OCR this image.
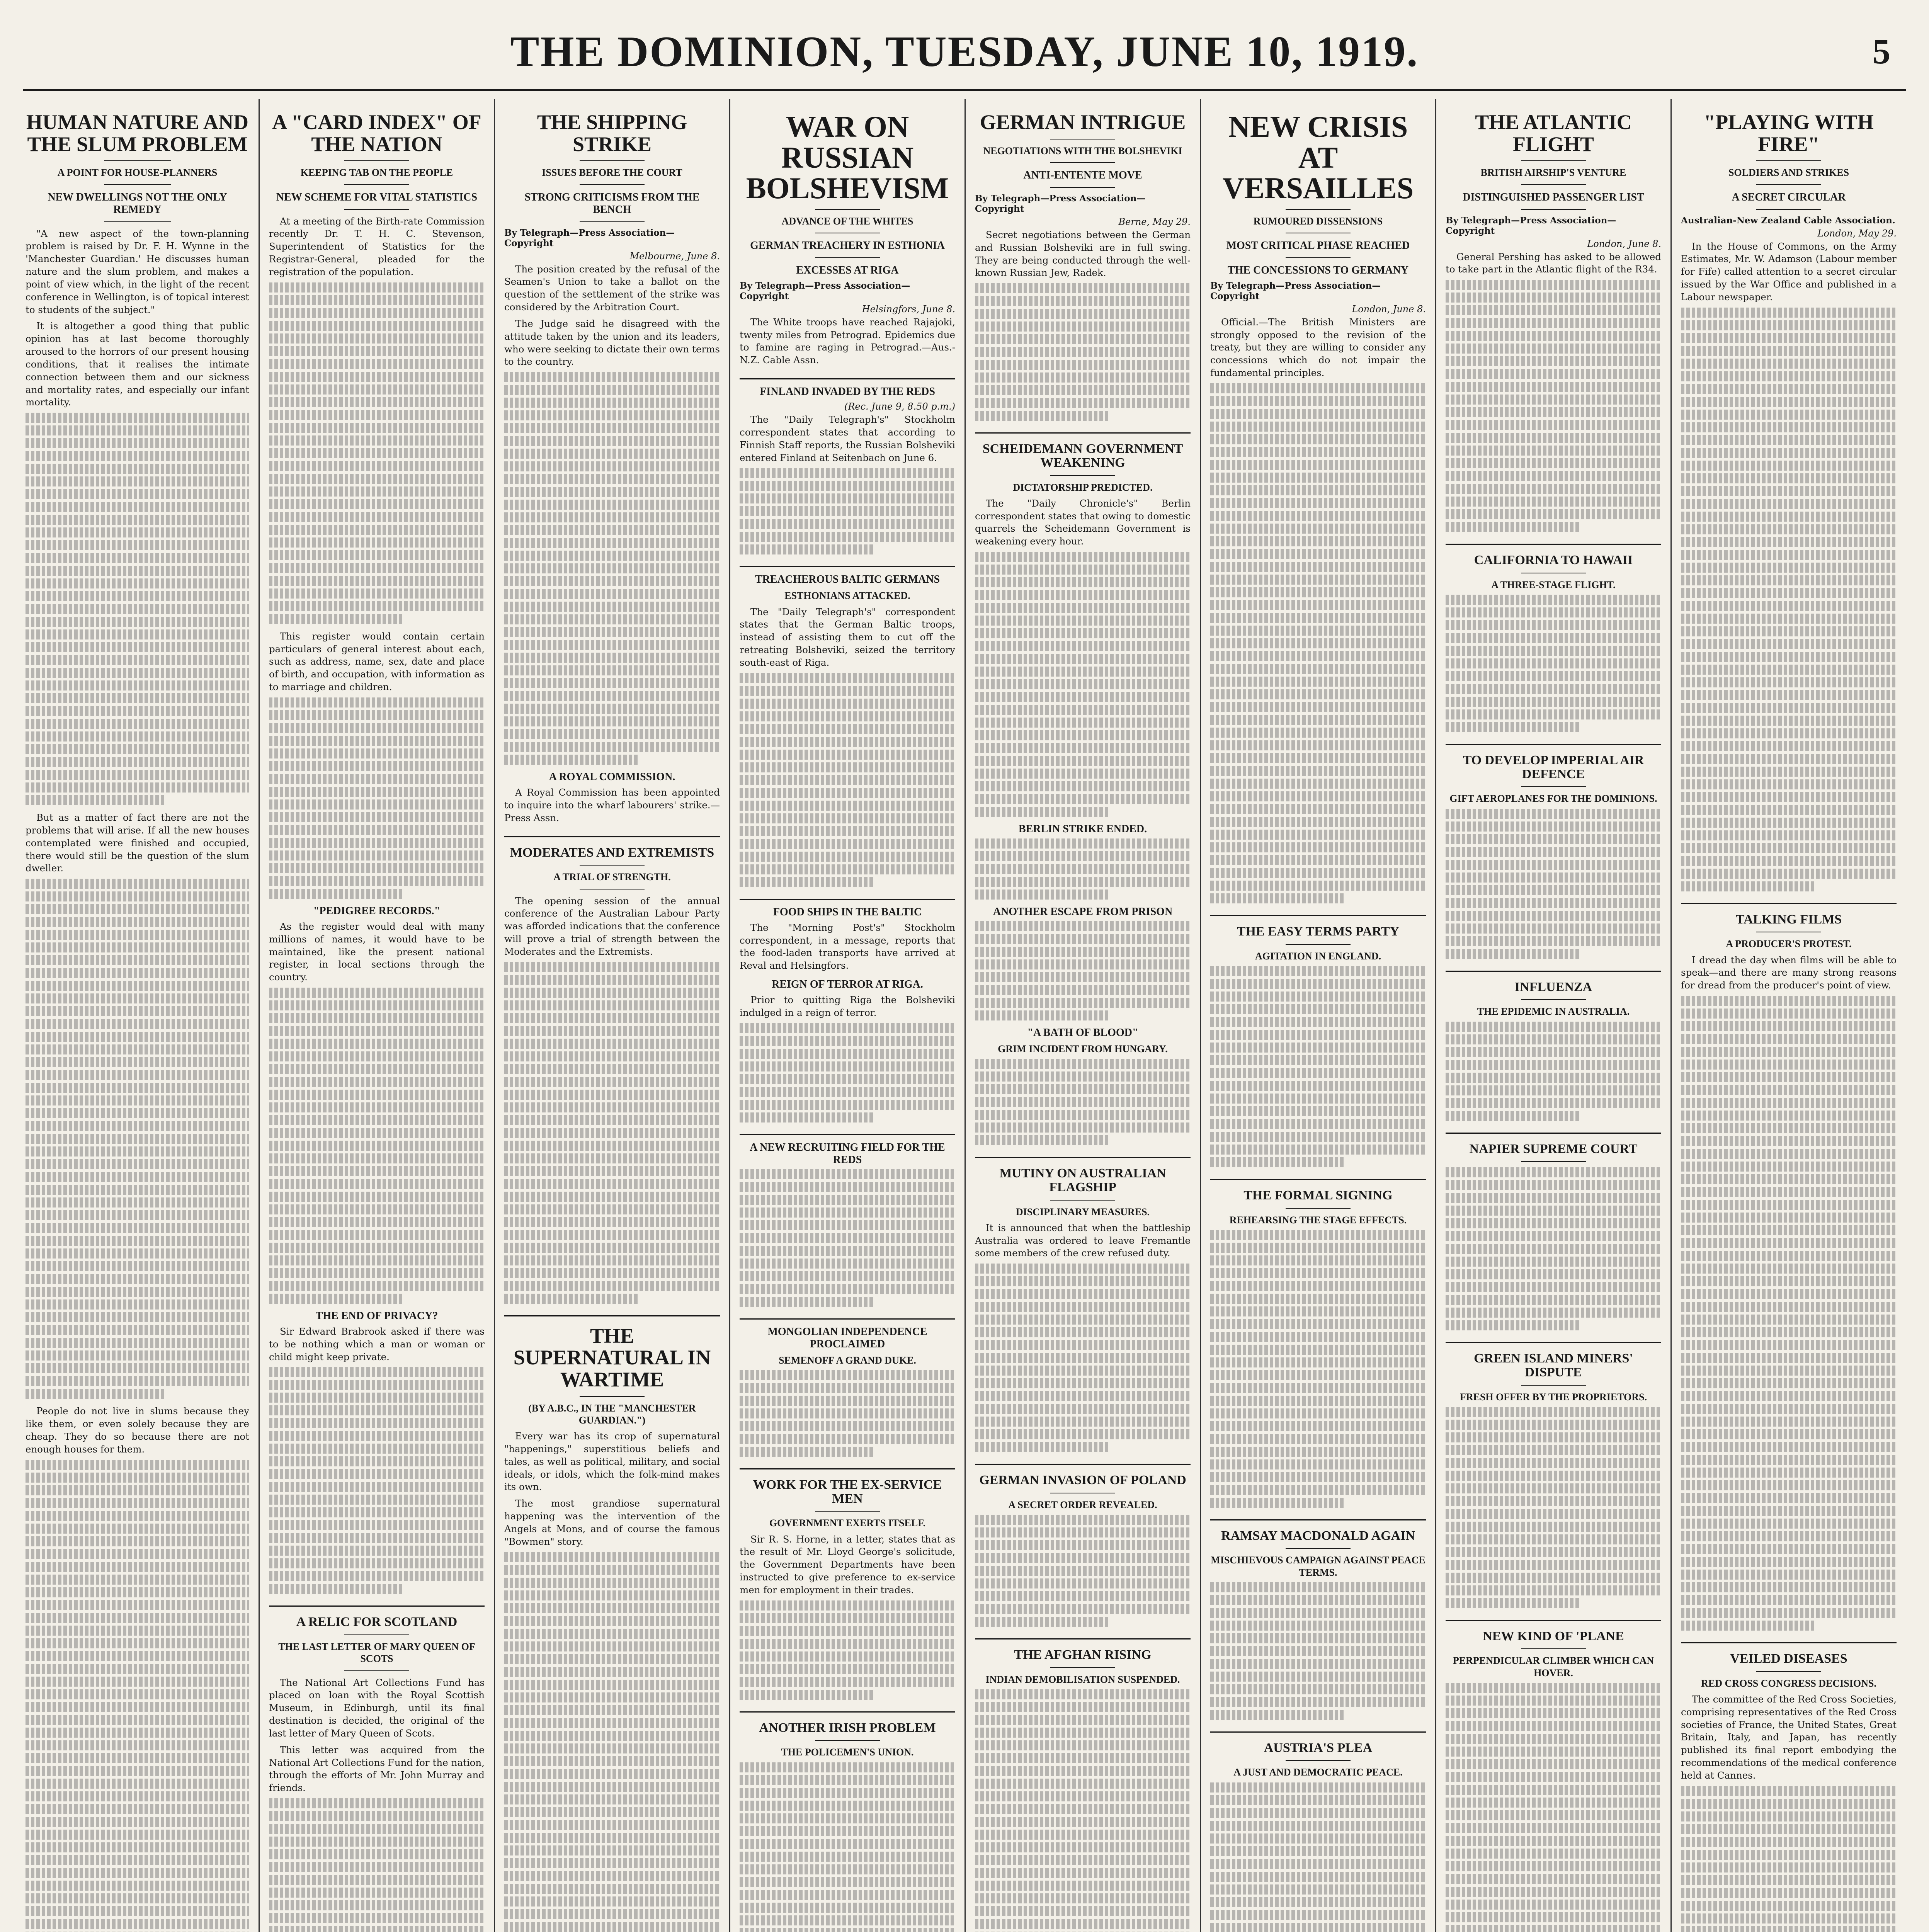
THE DOMINION, TUESDAY, JUNE 10, 1919.	5
HUMAN NATURE AND THE SLUM PROBLEM
A POINT FOR HOUSE-PLANNERS
NEW DWELLINGS NOT THE ONLY REMEDY

"A new aspect of the town-planning problem is raised by Dr. F. H. Wynne in the 'Manchester Guardian.' He discusses human nature and the slum problem, and makes a point of view which, in the light of the recent conference in Wellington, is of topical interest to students of the subject."

It is altogether a good thing that public opinion has at last become thoroughly aroused to the horrors of our present housing conditions, that it realises the intimate connection between them and our sickness and mortality rates, and especially our infant mortality.

But as a matter of fact there are not the problems that will arise. If all the new houses contemplated were finished and occupied, there would still be the question of the slum dweller.

People do not live in slums because they like them, or even solely because they are cheap. They do so because there are not enough houses for them.

A "CARD INDEX" OF THE NATION
KEEPING TAB ON THE PEOPLE
NEW SCHEME FOR VITAL STATISTICS

At a meeting of the Birth-rate Commission recently Dr. T. H. C. Stevenson, Superintendent of Statistics for the Registrar-General, pleaded for the registration of the population.

This register would contain certain particulars of general interest about each, such as address, name, sex, date and place of birth, and occupation, with information as to marriage and children.

"PEDIGREE RECORDS."

As the register would deal with many millions of names, it would have to be maintained, like the present national register, in local sections through the country.

THE END OF PRIVACY?

Sir Edward Brabrook asked if there was to be nothing which a man or woman or child might keep private.

A RELIC FOR SCOTLAND
THE LAST LETTER OF MARY QUEEN OF SCOTS

The National Art Collections Fund has placed on loan with the Royal Scottish Museum, in Edinburgh, until its final destination is decided, the original of the last letter of Mary Queen of Scots.

This letter was acquired from the National Art Collections Fund for the nation, through the efforts of Mr. John Murray and friends.

THE SHIPPING STRIKE
ISSUES BEFORE THE COURT
STRONG CRITICISMS FROM THE BENCH
By Telegraph—Press Association—Copyright
Melbourne, June 8.

The position created by the refusal of the Seamen's Union to take a ballot on the question of the settlement of the strike was considered by the Arbitration Court.

The Judge said he disagreed with the attitude taken by the union and its leaders, who were seeking to dictate their own terms to the country.

A ROYAL COMMISSION.

A Royal Commission has been appointed to inquire into the wharf labourers' strike.—Press Assn.

MODERATES AND EXTREMISTS
A TRIAL OF STRENGTH.

The opening session of the annual conference of the Australian Labour Party was afforded indications that the conference will prove a trial of strength between the Moderates and the Extremists.

THE SUPERNATURAL IN WARTIME
(BY A.B.C., IN THE "MANCHESTER GUARDIAN.")

Every war has its crop of supernatural "happenings," superstitious beliefs and tales, as well as political, military, and social ideals, or idols, which the folk-mind makes its own.

The most grandiose supernatural happening was the intervention of the Angels at Mons, and of course the famous "Bowmen" story.

WAR ON RUSSIAN BOLSHEVISM
ADVANCE OF THE WHITES
GERMAN TREACHERY IN ESTHONIA
EXCESSES AT RIGA
By Telegraph—Press Association—Copyright
Helsingfors, June 8.

The White troops have reached Rajajoki, twenty miles from Petrograd. Epidemics due to famine are raging in Petrograd.—Aus.-N.Z. Cable Assn.

FINLAND INVADED BY THE REDS
(Rec. June 9, 8.50 p.m.)

The "Daily Telegraph's" Stockholm correspondent states that according to Finnish Staff reports, the Russian Bolsheviki entered Finland at Seitenbach on June 6.

TREACHEROUS BALTIC GERMANS
ESTHONIANS ATTACKED.

The "Daily Telegraph's" correspondent states that the German Baltic troops, instead of assisting them to cut off the retreating Bolsheviki, seized the territory south-east of Riga.

FOOD SHIPS IN THE BALTIC

The "Morning Post's" Stockholm correspondent, in a message, reports that the food-laden transports have arrived at Reval and Helsingfors.

REIGN OF TERROR AT RIGA.

Prior to quitting Riga the Bolsheviki indulged in a reign of terror.

A NEW RECRUITING FIELD FOR THE REDS
MONGOLIAN INDEPENDENCE PROCLAIMED
SEMENOFF A GRAND DUKE.
WORK FOR THE EX-SERVICE MEN
GOVERNMENT EXERTS ITSELF.

Sir R. S. Horne, in a letter, states that as the result of Mr. Lloyd George's solicitude, the Government Departments have been instructed to give preference to ex-service men for employment in their trades.

ANOTHER IRISH PROBLEM
THE POLICEMEN'S UNION.

GERMAN INTRIGUE
NEGOTIATIONS WITH THE BOLSHEVIKI
ANTI-ENTENTE MOVE
By Telegraph—Press Association—Copyright
Berne, May 29.

Secret negotiations between the German and Russian Bolsheviki are in full swing. They are being conducted through the well-known Russian Jew, Radek.

SCHEIDEMANN GOVERNMENT WEAKENING
DICTATORSHIP PREDICTED.

The "Daily Chronicle's" Berlin correspondent states that owing to domestic quarrels the Scheidemann Government is weakening every hour.

BERLIN STRIKE ENDED.
ANOTHER ESCAPE FROM PRISON
"A BATH OF BLOOD"
GRIM INCIDENT FROM HUNGARY.
MUTINY ON AUSTRALIAN FLAGSHIP
DISCIPLINARY MEASURES.

It is announced that when the battleship Australia was ordered to leave Fremantle some members of the crew refused duty.

GERMAN INVASION OF POLAND
A SECRET ORDER REVEALED.
THE AFGHAN RISING
INDIAN DEMOBILISATION SUSPENDED.
NEW CRISIS AT VERSAILLES
RUMOURED DISSENSIONS
MOST CRITICAL PHASE REACHED
THE CONCESSIONS TO GERMANY
By Telegraph—Press Association—Copyright
London, June 8.

Official.—The British Ministers are strongly opposed to the revision of the treaty, but they are willing to consider any concessions which do not impair the fundamental principles.

THE EASY TERMS PARTY
AGITATION IN ENGLAND.
THE FORMAL SIGNING
REHEARSING THE STAGE EFFECTS.
RAMSAY MACDONALD AGAIN
MISCHIEVOUS CAMPAIGN AGAINST PEACE TERMS.
AUSTRIA'S PLEA
A JUST AND DEMOCRATIC PEACE.

THE ATLANTIC FLIGHT
BRITISH AIRSHIP'S VENTURE
DISTINGUISHED PASSENGER LIST
By Telegraph—Press Association—Copyright
London, June 8.

General Pershing has asked to be allowed to take part in the Atlantic flight of the R34.

CALIFORNIA TO HAWAII
A THREE-STAGE FLIGHT.
TO DEVELOP IMPERIAL AIR DEFENCE
GIFT AEROPLANES FOR THE DOMINIONS.
INFLUENZA
THE EPIDEMIC IN AUSTRALIA.
NAPIER SUPREME COURT
GREEN ISLAND MINERS' DISPUTE
FRESH OFFER BY THE PROPRIETORS.
NEW KIND OF 'PLANE
PERPENDICULAR CLIMBER WHICH CAN HOVER.

"PLAYING WITH FIRE"
SOLDIERS AND STRIKES
A SECRET CIRCULAR
Australian-New Zealand Cable Association.
London, May 29.

In the House of Commons, on the Army Estimates, Mr. W. Adamson (Labour member for Fife) called attention to a secret circular issued by the War Office and published in a Labour newspaper.

TALKING FILMS
A PRODUCER'S PROTEST.

I dread the day when films will be able to speak—and there are many strong reasons for dread from the producer's point of view.

VEILED DISEASES
RED CROSS CONGRESS DECISIONS.

The committee of the Red Cross Societies, comprising representatives of the Red Cross societies of France, the United States, Great Britain, Italy, and Japan, has recently published its final report embodying the recommendations of the medical conference held at Cannes.
